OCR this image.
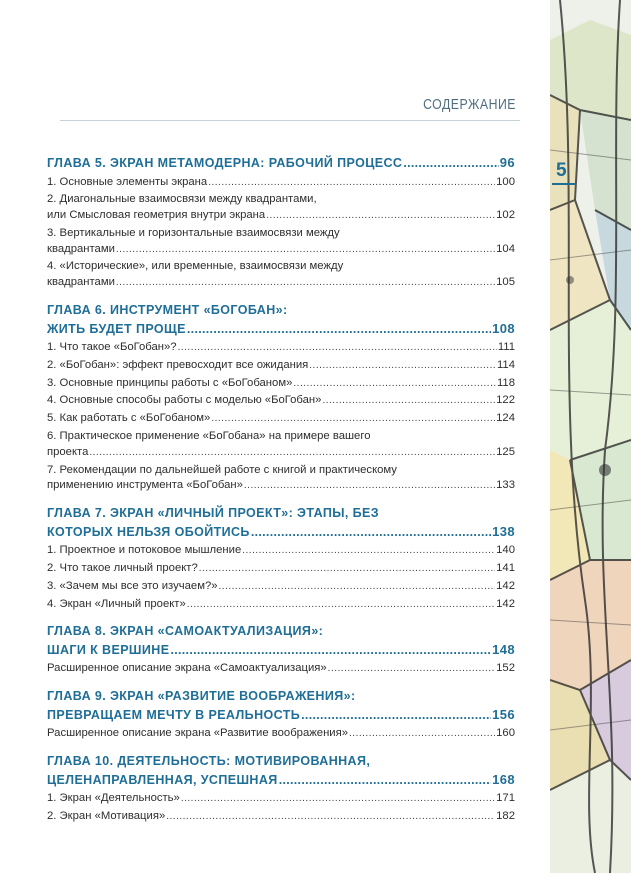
СОДЕРЖАНИЕ
5
ГЛАВА 5. ЭКРАН МЕТАМОДЕРНА: РАБОЧИЙ ПРОЦЕСС .....	96
1. Основные элементы экрана .....	100
2. Диагональные взаимосвязи между квадрантами,
или Смысловая геометрия внутри экрана .....	102
3. Вертикальные и горизонтальные взаимосвязи между
квадрантами .....	104
4. «Исторические», или временные, взаимосвязи между
квадрантами .....	105
ГЛАВА 6. ИНСТРУМЕНТ «БОГОБАН»:
ЖИТЬ БУДЕТ ПРОЩЕ .....	108
1. Что такое «БоГобан»? .....	111
2. «БоГобан»: эффект превосходит все ожидания .....	114
3. Основные принципы работы с «БоГобаном» .....	118
4. Основные способы работы с моделью «БоГобан» .....	122
5. Как работать с «БоГобаном» .....	124
6. Практическое применение «БоГобана» на примере вашего
проекта .....	125
7. Рекомендации по дальнейшей работе с книгой и практическому
применению инструмента «БоГобан» .....	133
ГЛАВА 7. ЭКРАН «ЛИЧНЫЙ ПРОЕКТ»: ЭТАПЫ, БЕЗ
КОТОРЫХ НЕЛЬЗЯ ОБОЙТИСЬ .....	138
1. Проектное и потоковое мышление .....	140
2. Что такое личный проект? .....	141
3. «Зачем мы все это изучаем?» .....	142
4. Экран «Личный проект» .....	142
ГЛАВА 8. ЭКРАН «САМОАКТУАЛИЗАЦИЯ»:
ШАГИ К ВЕРШИНЕ .....	148
Расширенное описание экрана «Самоактуализация» .....	152
ГЛАВА 9. ЭКРАН «РАЗВИТИЕ ВООБРАЖЕНИЯ»:
ПРЕВРАЩАЕМ МЕЧТУ В РЕАЛЬНОСТЬ .....	156
Расширенное описание экрана «Развитие воображения» .....	160
ГЛАВА 10. ДЕЯТЕЛЬНОСТЬ: МОТИВИРОВАННАЯ,
ЦЕЛЕНАПРАВЛЕННАЯ, УСПЕШНАЯ .....	168
1. Экран «Деятельность» .....	171
2. Экран «Мотивация» .....	182
